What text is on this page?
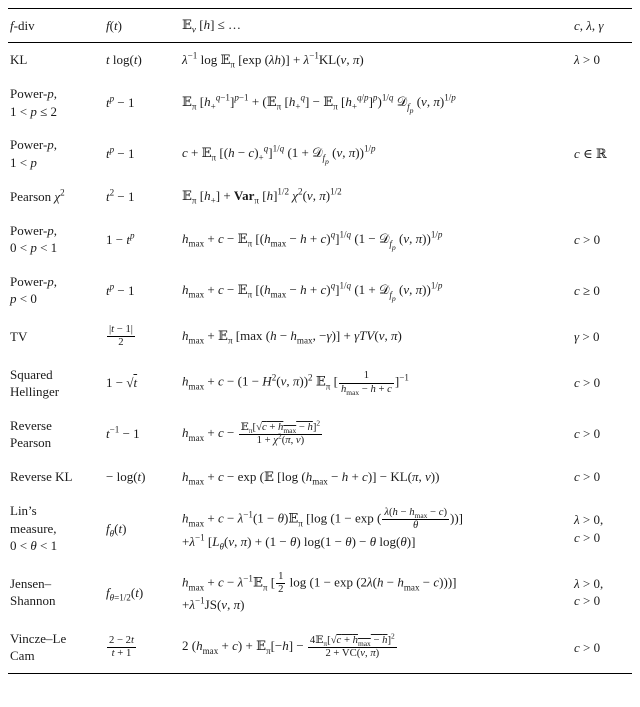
f-div	f(t)	𝔼$_\nu$ [h] ≤ …	c, λ, γ
KL	t log(t)	$\lambda^{-1}$ log 𝔼$_\pi$ [exp $(\lambda h)] + \lambda^{-1}KL(\nu$, π)	λ > 0
Power-p,
1 < p ≤ 2	$t^p - 1$	𝔼$_\pi$ $[h_+^{q-1}]^{p-1}$ + (𝔼$_\pi$ $[h_+^q]$ − 𝔼$_\pi$ $[h_+^{q/p}]^p)^{1/q}$ 𝒟$_{f_p}$ (ν, π)$^{1/p}$	
Power-p,
1 < p	$t^p - 1$	c + 𝔼$_\pi$ $[(h - c)_+^q]^{1/q}$ (1 + 𝒟$_{f_p}$ (ν, π))$^{1/p}$	c ∈ ℝ
Pearson $\chi^2$	$t^2 - 1$	𝔼$_\pi$ $[h_+] + Var_\pi$ $[h]^{1/2}$ $\chi^2(\nu$, π)$^{1/2}$	
Power-p,
0 < p < 1	$1 - t^p$	$h_{max} + c$ − 𝔼$_\pi$ $[(h_{max} - h + c)^q]^{1/q}$ (1 − 𝒟$_{f_p}$ (ν, π))$^{1/p}$	c > 0
Power-p,
p < 0	$t^p - 1$	$h_{max} + c$ − 𝔼$_\pi$ $[(h_{max} - h + c)^q]^{1/q}$ (1 + 𝒟$_{f_p}$ (ν, π))$^{1/p}$	c ≥ 0
TV	$\frac{|t - 1|}{2}$	$h_{max}$ + 𝔼$_\pi$ [max ($h - h_{max}$, −γ)] + γTV(ν, π)	γ > 0
Squared
Hellinger	1 − √t	$h_{max} + c - (1 - H^2(\nu$, π))$^2$ 𝔼$_\pi$ [ $\frac{1}{h_{max} - h + c} ]^{-1}$	c > 0
Reverse
Pearson	$t^{-1} - 1$	$h_{max} + c - \frac{𝔼_\pi[√c + h_{max} - h]^2}{1 + \chi^2(\pi, \nu)}$	c > 0
Reverse KL	− log(t)	$h_{max} + c - \exp$ (𝔼 [log $(h_{max} - h + c)] - KL(\pi$, ν))	c > 0
Lin’s
measure,
0 < θ < 1	$f_\theta(t)$	$h_{max} + c - \lambda^{-1}(1$ − θ)𝔼$_\pi$ [log (1 − exp ( $\frac{\lambda(h - h_{max} - c)}{\theta}$ ))]
$+\lambda^{-1}$ [$L_\theta(\nu$, π) + (1 − θ) log(1 − θ) − θ log(θ)]	λ > 0,
c > 0
Jensen–
Shannon	$f_{\theta=1/2}(t)$	$h_{max} + c$ − $\lambda^{-1}𝔼_\pi$ [ $\frac{1}{2}$ $\log (1 - \exp (2\lambda(h - h_{max} - c)))$]
$+\lambda^{-1}JS(\nu$, π)	λ > 0,
c > 0
Vincze–Le
Cam	$\frac{2 - 2t}{t + 1}$	2 $(h_{max} + c)$ + 𝔼$_\pi$[−h] − $\frac{4𝔼_\pi[√c + h_{max} - h]^2}{2 + VC(\nu, \pi)}$	c > 0
